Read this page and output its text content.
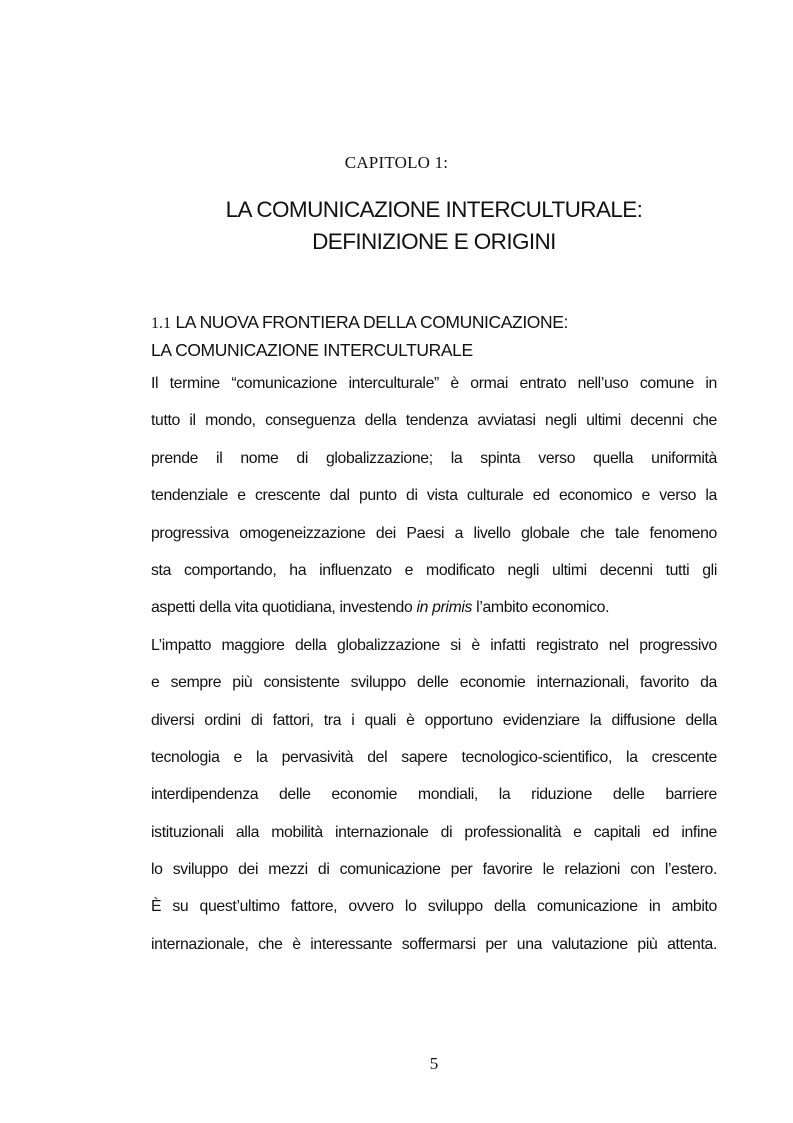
CAPITOLO 1:
LA COMUNICAZIONE INTERCULTURALE:
DEFINIZIONE E ORIGINI
1.1 LA NUOVA FRONTIERA DELLA COMUNICAZIONE:
LA COMUNICAZIONE INTERCULTURALE
Il termine “comunicazione interculturale” è ormai entrato nell’uso comune in
tutto il mondo, conseguenza della tendenza avviatasi negli ultimi decenni che
prende il nome di globalizzazione; la spinta verso quella uniformità
tendenziale e crescente dal punto di vista culturale ed economico e verso la
progressiva omogeneizzazione dei Paesi a livello globale che tale fenomeno
sta comportando, ha influenzato e modificato negli ultimi decenni tutti gli
aspetti della vita quotidiana, investendo in primis l’ambito economico.
L’impatto maggiore della globalizzazione si è infatti registrato nel progressivo
e sempre più consistente sviluppo delle economie internazionali, favorito da
diversi ordini di fattori, tra i quali è opportuno evidenziare la diffusione della
tecnologia e la pervasività del sapere tecnologico-scientifico, la crescente
interdipendenza delle economie mondiali, la riduzione delle barriere
istituzionali alla mobilità internazionale di professionalità e capitali ed infine
lo sviluppo dei mezzi di comunicazione per favorire le relazioni con l’estero.
È su quest’ultimo fattore, ovvero lo sviluppo della comunicazione in ambito
internazionale, che è interessante soffermarsi per una valutazione più attenta.
5
